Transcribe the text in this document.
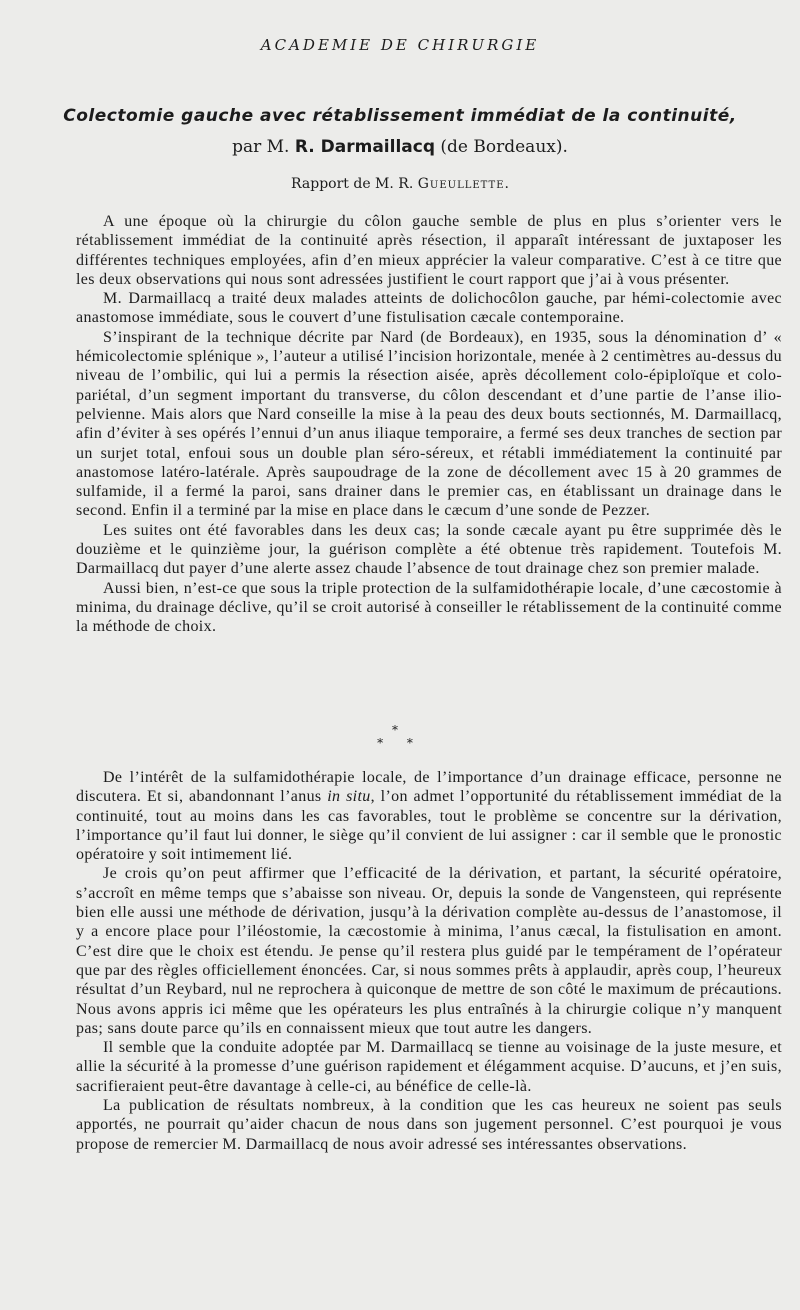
ACADEMIE DE CHIRURGIE
Colectomie gauche avec rétablissement immédiat de la continuité,
par M. R. Darmaillacq (de Bordeaux).
Rapport de M. R. Gueullette.

A une époque où la chirurgie du côlon gauche semble de plus en plus s’orienter vers le rétablissement immédiat de la continuité après résection, il apparaît intéressant de juxtaposer les différentes techniques employées, afin d’en mieux apprécier la valeur comparative. C’est à ce titre que les deux observations qui nous sont adressées justifient le court rapport que j’ai à vous présenter.

M. Darmaillacq a traité deux malades atteints de dolichocôlon gauche, par hémi-colectomie avec anastomose immédiate, sous le couvert d’une fistulisation cæcale contemporaine.

S’inspirant de la technique décrite par Nard (de Bordeaux), en 1935, sous la dénomination d’ « hémicolectomie splénique », l’auteur a utilisé l’incision horizontale, menée à 2 centimètres au-dessus du niveau de l’ombilic, qui lui a permis la résection aisée, après décollement colo-épiploïque et colo-pariétal, d’un segment important du transverse, du côlon descendant et d’une partie de l’anse ilio-pelvienne. Mais alors que Nard conseille la mise à la peau des deux bouts sectionnés, M. Darmaillacq, afin d’éviter à ses opérés l’ennui d’un anus iliaque temporaire, a fermé ses deux tranches de section par un surjet total, enfoui sous un double plan séro-séreux, et rétabli immédiatement la continuité par anastomose latéro-latérale. Après saupoudrage de la zone de décollement avec 15 à 20 grammes de sulfamide, il a fermé la paroi, sans drainer dans le premier cas, en établissant un drainage dans le second. Enfin il a terminé par la mise en place dans le cæcum d’une sonde de Pezzer.

Les suites ont été favorables dans les deux cas; la sonde cæcale ayant pu être supprimée dès le douzième et le quinzième jour, la guérison complète a été obtenue très rapidement. Toutefois M. Darmaillacq dut payer d’une alerte assez chaude l’absence de tout drainage chez son premier malade.

Aussi bien, n’est-ce que sous la triple protection de la sulfamidothérapie locale, d’une cæcostomie à minima, du drainage déclive, qu’il se croit autorisé à conseiller le rétablissement de la continuité comme la méthode de choix.

*
* *

De l’intérêt de la sulfamidothérapie locale, de l’importance d’un drainage efficace, personne ne discutera. Et si, abandonnant l’anus in situ, l’on admet l’opportunité du rétablissement immédiat de la continuité, tout au moins dans les cas favorables, tout le problème se concentre sur la dérivation, l’importance qu’il faut lui donner, le siège qu’il convient de lui assigner : car il semble que le pronostic opératoire y soit intimement lié.

Je crois qu’on peut affirmer que l’efficacité de la dérivation, et partant, la sécurité opératoire, s’accroît en même temps que s’abaisse son niveau. Or, depuis la sonde de Vangensteen, qui représente bien elle aussi une méthode de dérivation, jusqu’à la dérivation complète au-dessus de l’anastomose, il y a encore place pour l’iléostomie, la cæcostomie à minima, l’anus cæcal, la fistulisation en amont. C’est dire que le choix est étendu. Je pense qu’il restera plus guidé par le tempérament de l’opérateur que par des règles officiellement énoncées. Car, si nous sommes prêts à applaudir, après coup, l’heureux résultat d’un Reybard, nul ne reprochera à quiconque de mettre de son côté le maximum de précautions. Nous avons appris ici même que les opérateurs les plus entraînés à la chirurgie colique n’y manquent pas; sans doute parce qu’ils en connaissent mieux que tout autre les dangers.

Il semble que la conduite adoptée par M. Darmaillacq se tienne au voisinage de la juste mesure, et allie la sécurité à la promesse d’une guérison rapidement et élégamment acquise. D’aucuns, et j’en suis, sacrifieraient peut-être davantage à celle-ci, au bénéfice de celle-là.

La publication de résultats nombreux, à la condition que les cas heureux ne soient pas seuls apportés, ne pourrait qu’aider chacun de nous dans son jugement personnel. C’est pourquoi je vous propose de remercier M. Darmaillacq de nous avoir adressé ses intéressantes observations.
